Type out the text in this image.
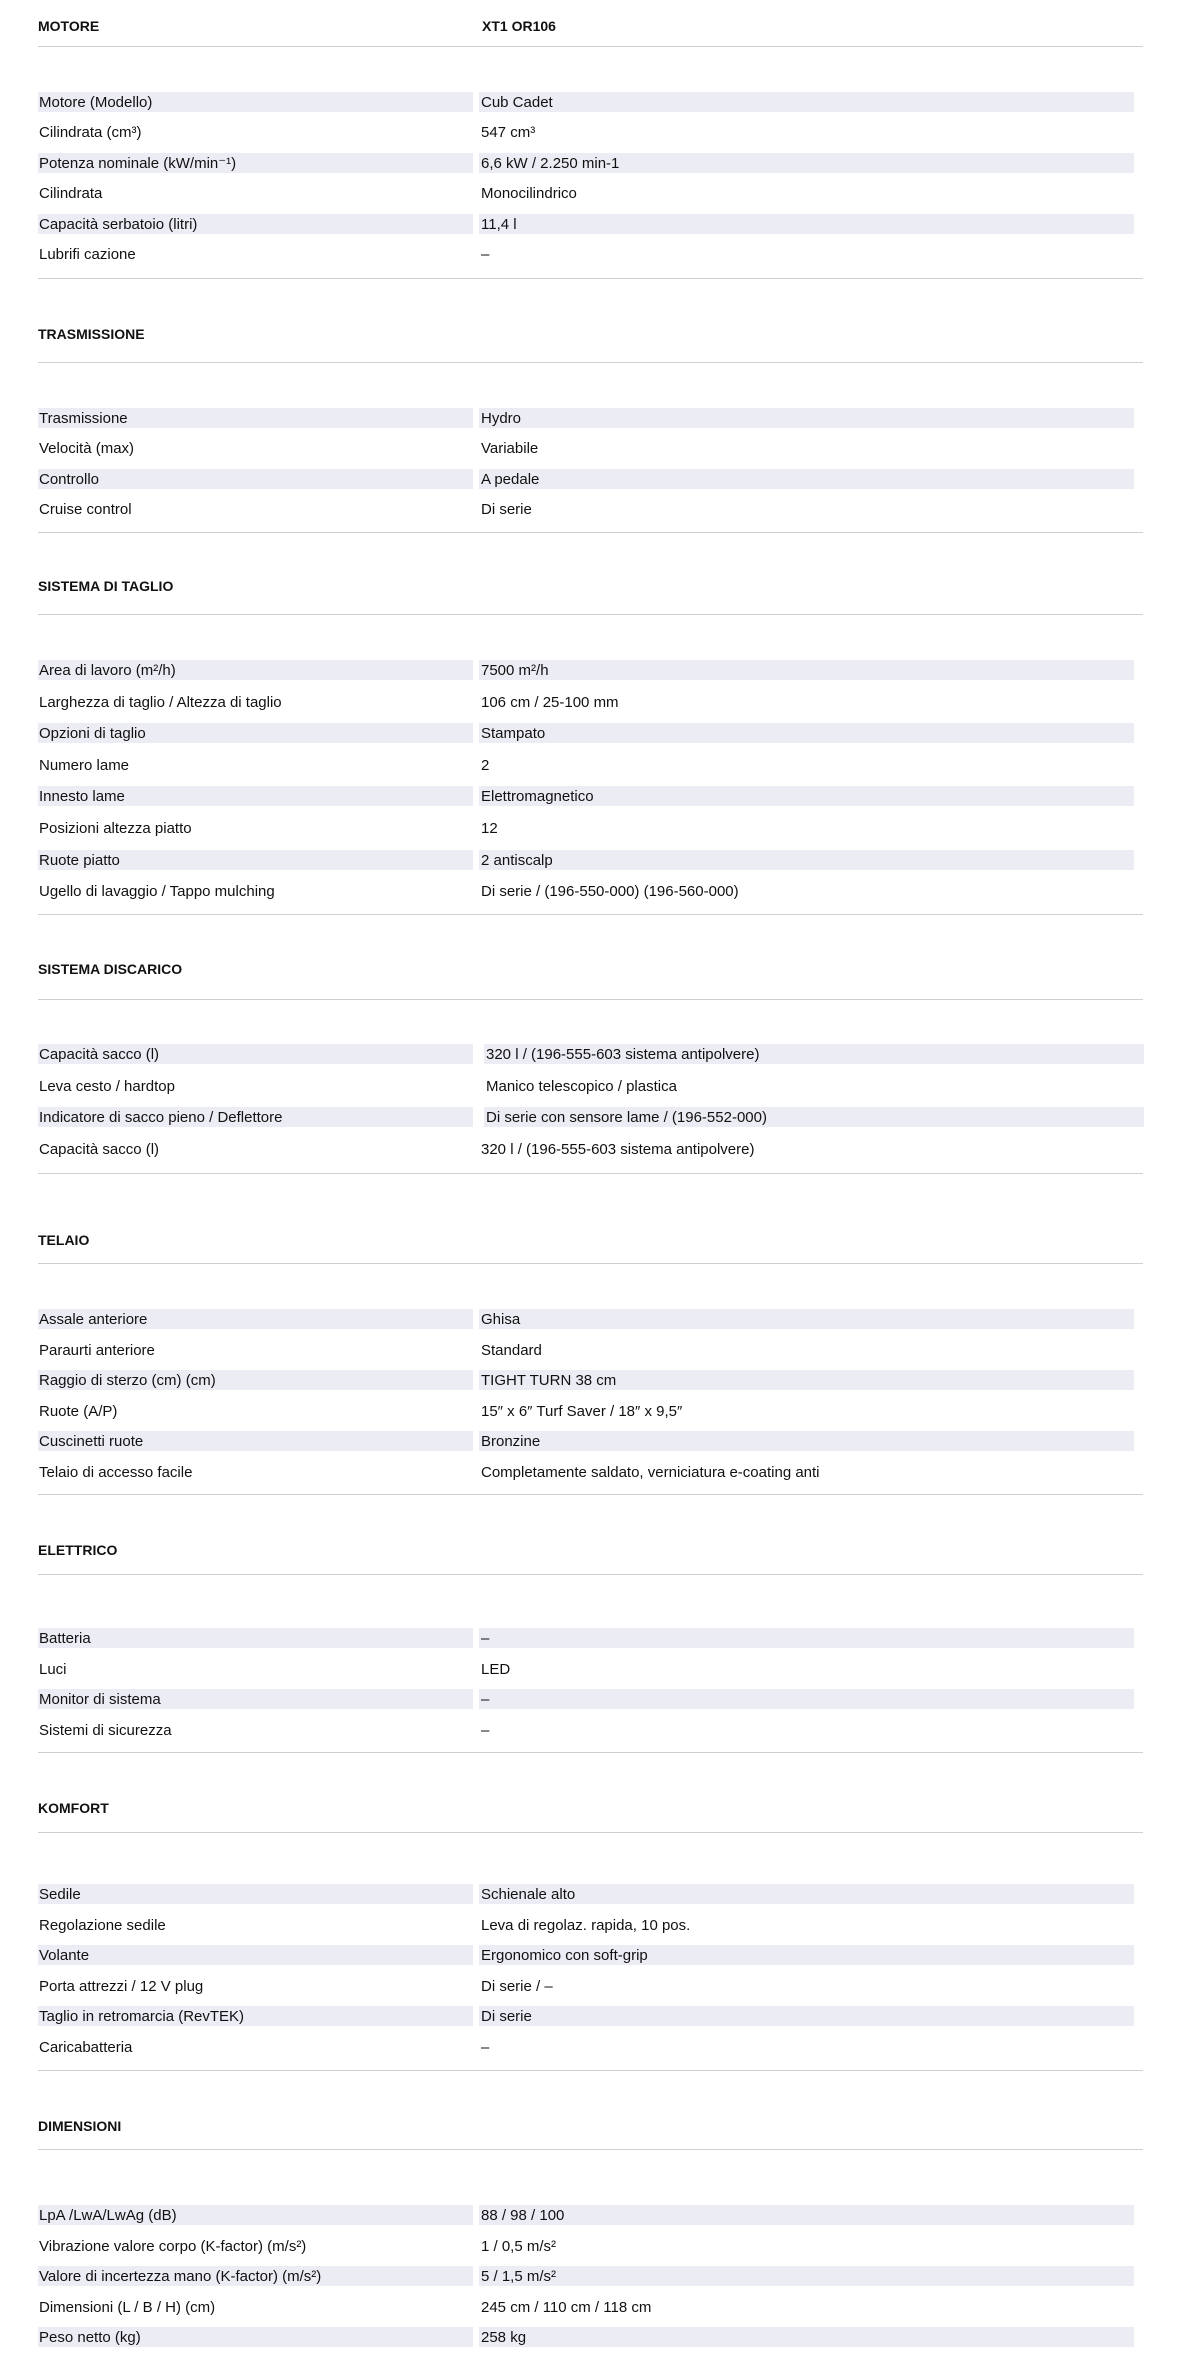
MOTORE	XT1 OR106
Motore (Modello)	Cub Cadet
Cilindrata (cm³)	547 cm³
Potenza nominale (kW/min⁻¹)	6,6 kW / 2.250 min-1
Cilindrata	Monocilindrico
Capacità serbatoio (litri)	11,4 l
Lubrifi cazione	–
TRASMISSIONE
Trasmissione	Hydro
Velocità (max)	Variabile
Controllo	A pedale
Cruise control	Di serie
SISTEMA DI TAGLIO
Area di lavoro (m²/h)	7500 m²/h
Larghezza di taglio / Altezza di taglio	106 cm / 25-100 mm
Opzioni di taglio	Stampato
Numero lame	2
Innesto lame	Elettromagnetico
Posizioni altezza piatto	12
Ruote piatto	2 antiscalp
Ugello di lavaggio / Tappo mulching	Di serie / (196-550-000) (196-560-000)
SISTEMA DISCARICO
Capacità sacco (l)	320 l / (196-555-603 sistema antipolvere)
Leva cesto / hardtop	Manico telescopico / plastica
Indicatore di sacco pieno / Deflettore	Di serie con sensore lame / (196-552-000)
Capacità sacco (l)	320 l / (196-555-603 sistema antipolvere)
TELAIO
Assale anteriore	Ghisa
Paraurti anteriore	Standard
Raggio di sterzo (cm) (cm)	TIGHT TURN 38 cm
Ruote (A/P)	15″ x 6″ Turf Saver / 18″ x 9,5″
Cuscinetti ruote	Bronzine
Telaio di accesso facile	Completamente saldato, verniciatura e-coating anti
ELETTRICO
Batteria	–
Luci	LED
Monitor di sistema	–
Sistemi di sicurezza	–
KOMFORT
Sedile	Schienale alto
Regolazione sedile	Leva di regolaz. rapida, 10 pos.
Volante	Ergonomico con soft-grip
Porta attrezzi / 12 V plug	Di serie / –
Taglio in retromarcia (RevTEK)	Di serie
Caricabatteria	–
DIMENSIONI
LpA /LwA/LwAg (dB)	88 / 98 / 100
Vibrazione valore corpo (K-factor) (m/s²)	1 / 0,5 m/s²
Valore di incertezza mano (K-factor) (m/s²)	5 / 1,5 m/s²
Dimensioni (L / B / H) (cm)	245 cm / 110 cm / 118 cm
Peso netto (kg)	258 kg
